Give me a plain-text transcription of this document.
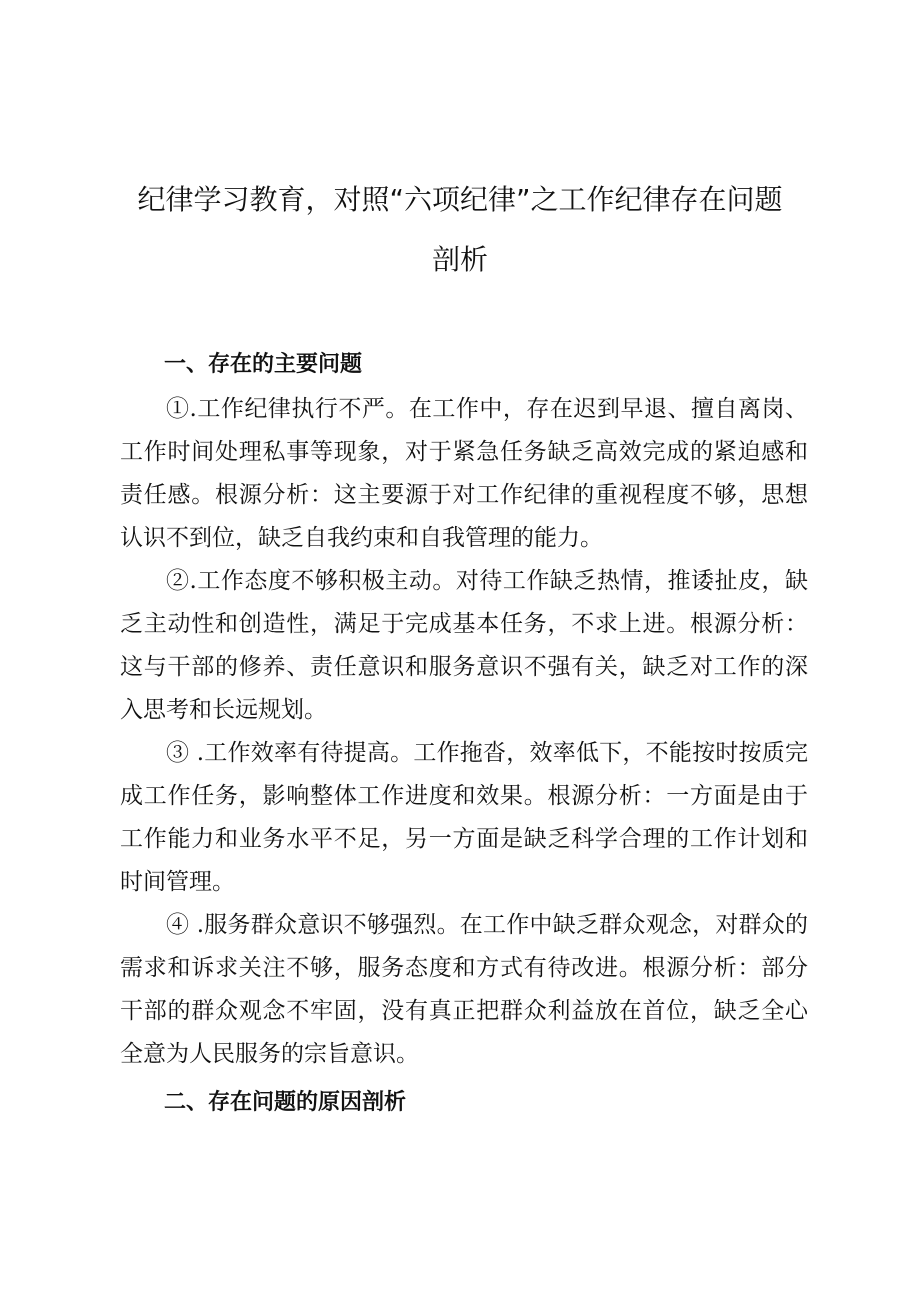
纪律学习教育，对照“六项纪律”之工作纪律存在问题
剖析
一、存在的主要问题

①.工作纪律执行不严。在工作中，存在迟到早退、擅自离岗、工作时间处理私事等现象，对于紧急任务缺乏高效完成的紧迫感和责任感。根源分析：这主要源于对工作纪律的重视程度不够，思想认识不到位，缺乏自我约束和自我管理的能力。

②.工作态度不够积极主动。对待工作缺乏热情，推诿扯皮，缺乏主动性和创造性，满足于完成基本任务，不求上进。根源分析：这与干部的修养、责任意识和服务意识不强有关，缺乏对工作的深入思考和长远规划。

③ .工作效率有待提高。工作拖沓，效率低下，不能按时按质完成工作任务，影响整体工作进度和效果。根源分析：一方面是由于工作能力和业务水平不足，另一方面是缺乏科学合理的工作计划和时间管理。

④ .服务群众意识不够强烈。在工作中缺乏群众观念，对群众的需求和诉求关注不够，服务态度和方式有待改进。根源分析：部分干部的群众观念不牢固，没有真正把群众利益放在首位，缺乏全心全意为人民服务的宗旨意识。

二、存在问题的原因剖析
